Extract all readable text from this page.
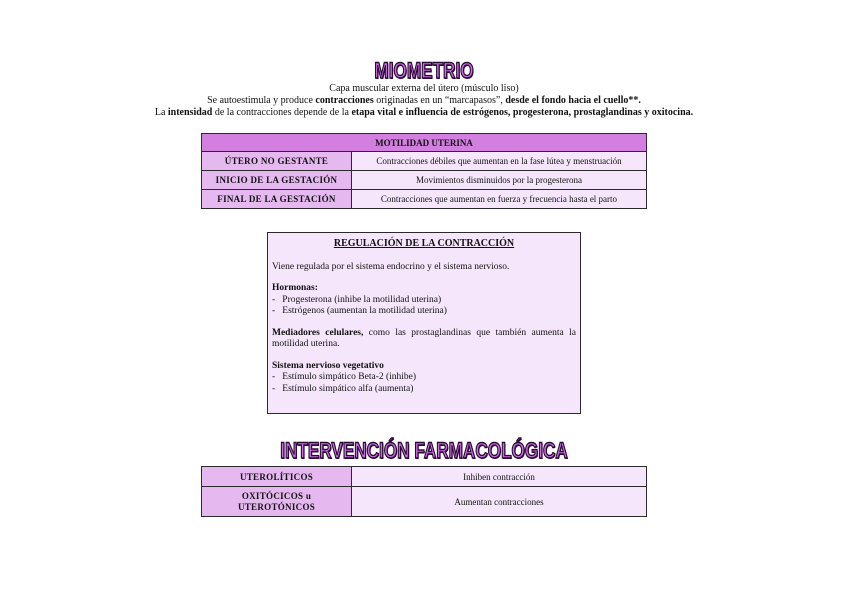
MIOMETRIO
Capa muscular externa del útero (músculo liso)
Se autoestimula y produce contracciones originadas en un “marcapasos”, desde el fondo hacia el cuello**.
La intensidad de la contracciones depende de la etapa vital e influencia de estrógenos, progesterona, prostaglandinas y oxitocina.
MOTILIDAD UTERINA	
ÚTERO NO GESTANTE	Contracciones débiles que aumentan en la fase lútea y menstruación
INICIO DE LA GESTACIÓN	Movimientos disminuidos por la progesterona
FINAL DE LA GESTACIÓN	Contracciones que aumentan en fuerza y frecuencia hasta el parto
REGULACIÓN DE LA CONTRACCIÓN
Viene regulada por el sistema endocrino y el sistema nervioso.
Hormonas:
-   Progesterona (inhibe la motilidad uterina)
-   Estrógenos (aumentan la motilidad uterina)
Mediadores celulares, como las prostaglandinas que también aumenta la motilidad uterina.
Sistema nervioso vegetativo
-   Estímulo simpático Beta-2 (inhibe)
-   Estímulo simpático alfa (aumenta)
INTERVENCIÓN FARMACOLÓGICA
UTEROLÍTICOS	Inhiben contracción
OXITÓCICOS u UTEROTÓNICOS	Aumentan contracciones
